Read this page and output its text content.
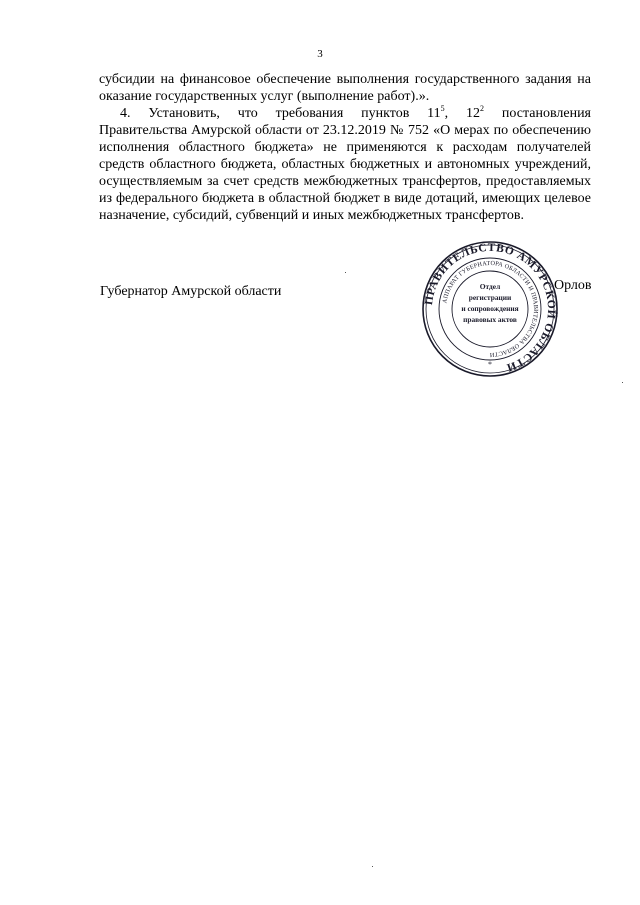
3
субсидии на финансовое обеспечение выполнения государственного задания на
оказание государственных услуг (выполнение работ).».
4. Установить, что требования пунктов $11^5$, $12^2$ постановления
Правительства Амурской области от 23.12.2019 № 752 «О мерах по обеспечению
исполнения областного бюджета» не применяются к расходам получателей
средств областного бюджета, областных бюджетных и автономных учреждений,
осуществляемым за счет средств межбюджетных трансфертов, предоставляемых
из федерального бюджета в областной бюджет в виде дотаций, имеющих целевое
назначение, субсидий, субвенций и иных межбюджетных трансфертов.
Губернатор Амурской области	Орлов
ПРАВИТЕЛЬСТВО АМУРСКОЙ ОБЛАСТИ
АППАРАТ ГУБЕРНАТОРА ОБЛАСТИ И ПРАВИТЕЛЬСТВА ОБЛАСТИ
Отдел
регистрации
и сопровождения
правовых актов
*
